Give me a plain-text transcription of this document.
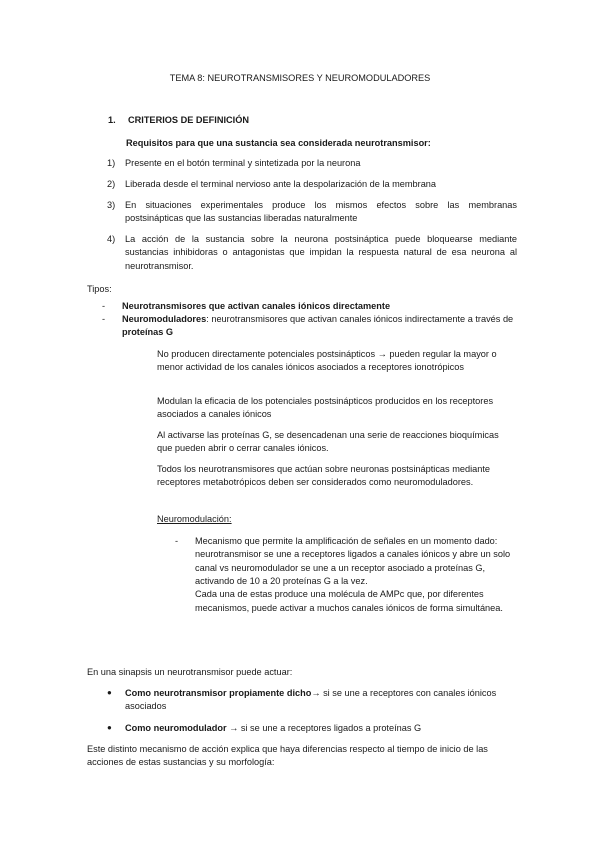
TEMA 8: NEUROTRANSMISORES Y NEUROMODULADORES
1. CRITERIOS DE DEFINICIÓN
Requisitos para que una sustancia sea considerada neurotransmisor:
1) Presente en el botón terminal y sintetizada por la neurona
2) Liberada desde el terminal nervioso ante la despolarización de la membrana
3) En situaciones experimentales produce los mismos efectos sobre las membranas postsinápticas que las sustancias liberadas naturalmente
4) La acción de la sustancia sobre la neurona postsináptica puede bloquearse mediante sustancias inhibidoras o antagonistas que impidan la respuesta natural de esa neurona al neurotransmisor.
Tipos:
- Neurotransmisores que activan canales iónicos directamente
- Neuromoduladores: neurotransmisores que activan canales iónicos indirectamente a través de proteínas G
No producen directamente potenciales postsinápticos → pueden regular la mayor o menor actividad de los canales iónicos asociados a receptores ionotrópicos
Modulan la eficacia de los potenciales postsinápticos producidos en los receptores asociados a canales iónicos
Al activarse las proteínas G, se desencadenan una serie de reacciones bioquímicas que pueden abrir o cerrar canales iónicos.
Todos los neurotransmisores que actúan sobre neuronas postsinápticas mediante receptores metabotrópicos deben ser considerados como neuromoduladores.
Neuromodulación:
- Mecanismo que permite la amplificación de señales en un momento dado:
neurotransmisor se une a receptores ligados a canales iónicos y abre un solo canal vs neuromodulador se une a un receptor asociado a proteínas G, activando de 10 a 20 proteínas G a la vez.
Cada una de estas produce una molécula de AMPc que, por diferentes mecanismos, puede activar a muchos canales iónicos de forma simultánea.
En una sinapsis un neurotransmisor puede actuar:
● Como neurotransmisor propiamente dicho→ si se une a receptores con canales iónicos asociados
● Como neuromodulador → si se une a receptores ligados a proteínas G
Este distinto mecanismo de acción explica que haya diferencias respecto al tiempo de inicio de las acciones de estas sustancias y su morfología:
